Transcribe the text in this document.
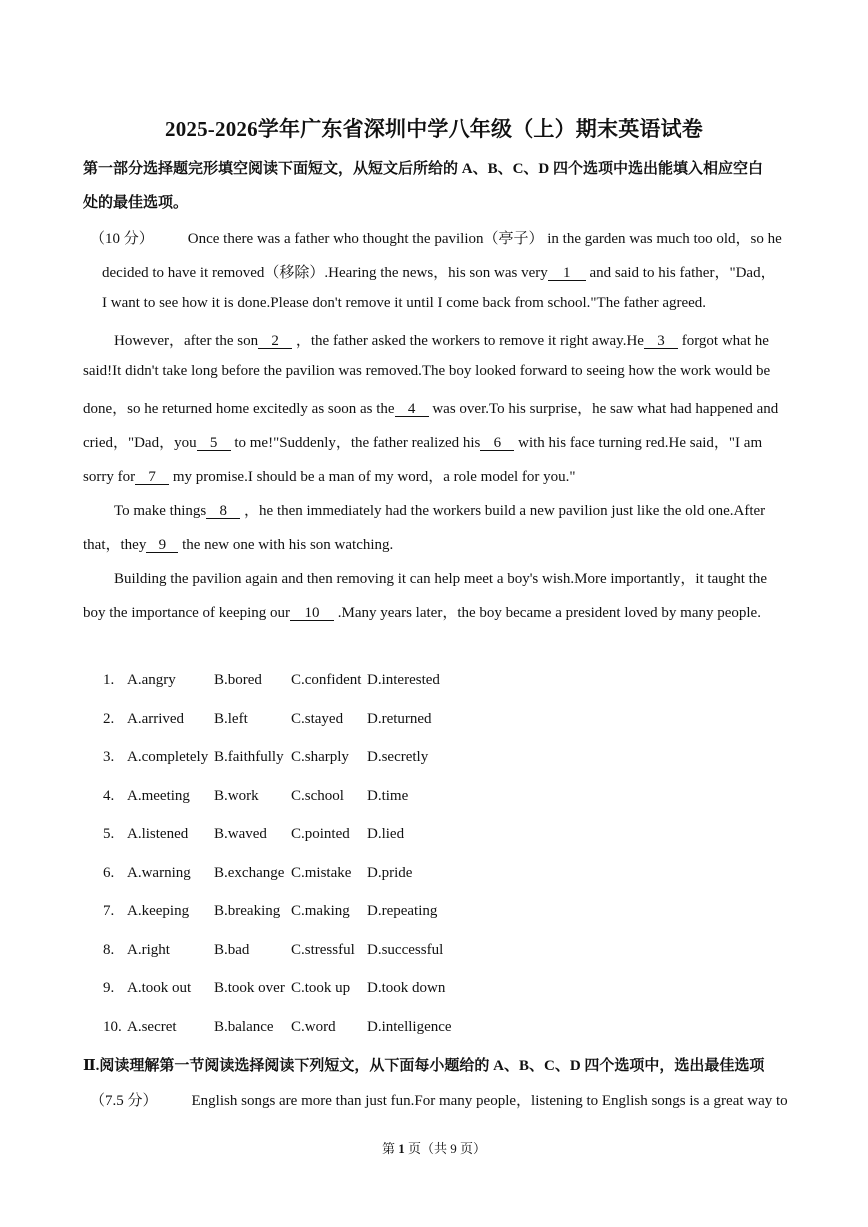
2025-2026学年广东省深圳中学八年级（上）期末英语试卷
第一部分选择题完形填空阅读下面短文，从短文后所给的 A、B、C、D 四个选项中选出能填入相应空白
处的最佳选项。
（10 分） Once there was a father who thought the pavilion（亭子） in the garden was much too old，so he
decided to have it removed（移除）.Hearing the news，his son was very 1 and said to his father，"Dad，
I want to see how it is done.Please don't remove it until I come back from school."The father agreed.
However，after the son 2 ，the father asked the workers to remove it right away.He 3 forgot what he
said!It didn't take long before the pavilion was removed.The boy looked forward to seeing how the work would be
done，so he returned home excitedly as soon as the 4 was over.To his surprise，he saw what had happened and
cried，"Dad，you 5 to me!"Suddenly，the father realized his 6 with his face turning red.He said，"I am
sorry for 7 my promise.I should be a man of my word，a role model for you."
To make things 8 ，he then immediately had the workers build a new pavilion just like the old one.After
that，they 9 the new one with his son watching.
Building the pavilion again and then removing it can help meet a boy's wish.More importantly，it taught the
boy the importance of keeping our 10 .Many years later，the boy became a president loved by many people.
1. A.angry	B.bored C.confident D.interested
2. A.arrived B.left	C.stayed D.returned
3. A.completely B.faithfully C.sharply D.secretly
4. A.meeting B.work C.school D.time
5. A.listened B.waved C.pointed D.lied
6. A.warning B.exchange C.mistake D.pride
7. A.keeping B.breaking C.making D.repeating
8. A.right	B.bad	C.stressful D.successful
9. A.took out B.took over C.took up D.took down
10. A.secret B.balance C.word D.intelligence
Ⅱ.阅读理解第一节阅读选择阅读下列短文，从下面每小题给的 A、B、C、D 四个选项中，选出最佳选项
（7.5 分） English songs are more than just fun.For many people，listening to English songs is a great way to
第 1 页（共 9 页）
